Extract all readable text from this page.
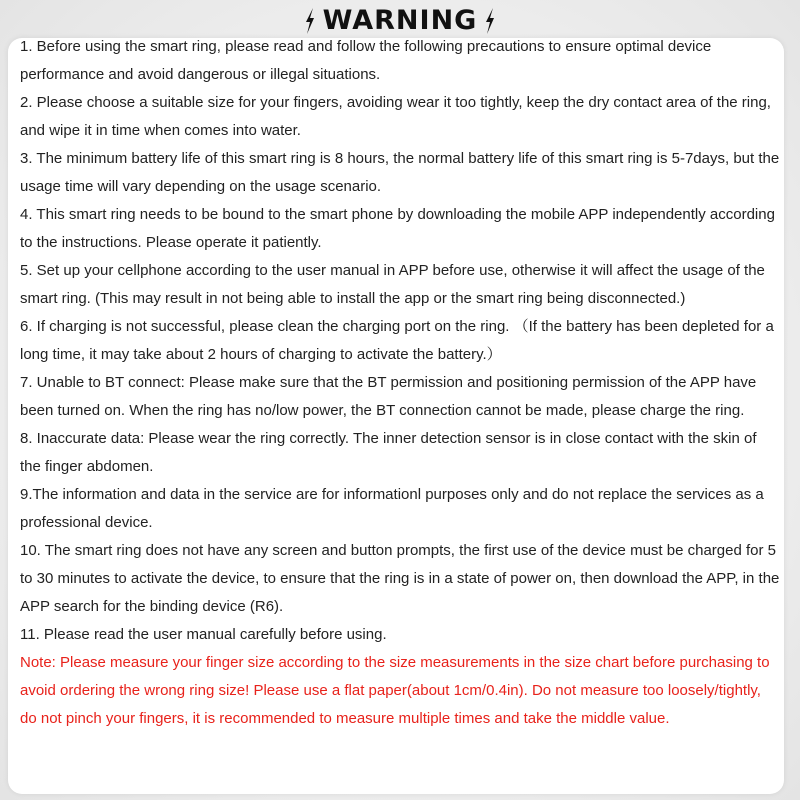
WARNING

1. Before using the smart ring, please read and follow the following precautions to ensure optimal device performance and avoid dangerous or illegal situations.

2. Please choose a suitable size for your fingers, avoiding wear it too tightly, keep the dry contact area of the ring, and wipe it in time when comes into water.

3. The minimum battery life of this smart ring is 8 hours, the normal battery life of this smart ring is 5-7days, but the usage time will vary depending on the usage scenario.

4. This smart ring needs to be bound to the smart phone by downloading the mobile APP independently according to the instructions. Please operate it patiently.

5. Set up your cellphone according to the user manual in APP before use, otherwise it will affect the usage of the smart ring. (This may result in not being able to install the app or the smart ring being disconnected.)

6. If charging is not successful, please clean the charging port on the ring. （If the battery has been depleted for a long time, it may take about 2 hours of charging to activate the battery.）

7. Unable to BT connect: Please make sure that the BT permission and positioning permission of the APP have been turned on. When the ring has no/low power, the BT connection cannot be made, please charge the ring.

8. Inaccurate data: Please wear the ring correctly. The inner detection sensor is in close contact with the skin of the finger abdomen.

9.The information and data in the service are for informationl purposes only and do not replace the services as a professional device.

10. The smart ring does not have any screen and button prompts, the first use of the device must be charged for 5 to 30 minutes to activate the device, to ensure that the ring is in a state of power on, then download the APP, in the APP search for the binding device (R6).

11. Please read the user manual carefully before using.

Note: Please measure your finger size according to the size measurements in the size chart before purchasing to avoid ordering the wrong ring size! Please use a flat paper(about 1cm/0.4in). Do not measure too loosely/tightly, do not pinch your fingers, it is recommended to measure multiple times and take the middle value.
